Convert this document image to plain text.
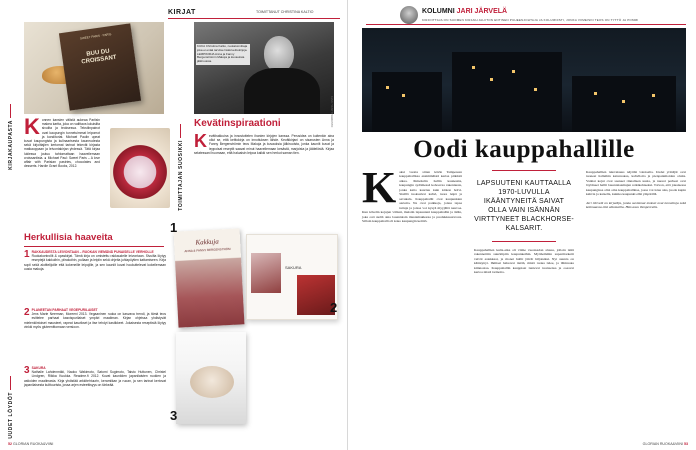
KIRJAT	TOIMITTANUT CHRISTINA KALTIO
KIRJAKAUPASTA	TOIMITTAJAN SUOSIKKI
UUDET LÖYDÖT
SWEET PARIS · PARIS
BUU DU CROISSANT
K onnen kansien välistä aukeaa Pariisin makea kartta, joka on valittava lukuisilta sivuilta ja teoksessa. Tekstiinpainot ovat kaupungin tunnetuimmat leipomot ja konditoriat. Michael Paulin upeat kuvat kaupungista ja kulinaarisesta kauneudesta sekä kirjoittajien kertomat tarinat tekevät kirjasta matkaoppaan ja leivontakirjan yhdessä. Tätä kirjaa lukiessa joutuu tahtomattaan haaveilemaan croissantista. ● Michael Paul: Sweet Paris – A love affair with Parisian pastries, chocolates and desserts. Hardie Grant Books, 2012.

KUKA Christina Kaltio, ruokatoimittaja joka ei enää tarvitse lisää keittokirjoja. LEMPIKIRJA Anna ja Fanny Bergenströmin Makoja ja kuvauksia jälkiruoista.
KUVA: YKSITYISARKISTO
Kevätinspiraationi
K eväthakkuina ja innostuttelen ihanien kirjojen kanssa. Perusidea on kuitenkin aina ollut se, että keittokirja on innoituksen lähde. Kevätkirjani on sisarusten Anna ja Fanny Bergenströmin teos Makoja ja kuvauksia jälkiruoista, jonka kauniit kuvat ja leppoisat reseptit saavat minut haaveilemaan kesästä, marjoista ja jäätelöstä. Kirjaa selatessani huomaan, että haluaisin leipoa kaikki sen herkut saman tien.

Herkullisia haaveita
1 RAKKAUDESTA LEIVONTAAN – RUOKAN VIEMÄNÄ PUNAISELLE VERHOLLE

Ruokakontrollit & opaskirjat. Tämä kirja on omistettu rakkaudelle leivontaan. Sivuilta löytyy reseptejä kakkuihin, piirakoihin, pullaan ja leipiin sekä ohjeita juhlapöytien kattamiseen. Kirja sopii sekä aloittelijoille että kokeneille leipojille, ja sen kauniit kuvat houkuttelevat kokeilemaan uusia makuja.

2 PLANEETAN PARHAAT VEGEPURILAISET

Jens Marie Neerman, Moreeni 2013. Vegaaninen ruoka on kasvava trendi, ja tämä teos esittelee parhaat kasvispurilaiset ympäri maailman. Kirjan ohjeissa yhdistyvät mielenkiintoiset mausteet, rapeat kasvikset ja itse tehdyt kastikkeet. Jokaisesta reseptistä löytyy vinkki myös gluteenittomaan versioon.

3 SAKURA

Nathalie Lahdenmäki, Naoko Wakimoto, Satomi Sugimoto, Taisto Huttunen, Christel Lindgren, Riikka Kuukka. Readme.fi 2012. Kuvat kauniiden japanilaisten ruokien ja astioiden maailmasta. Kirja yhdistää arkkitehtuurin, keramiikan ja ruoan, ja sen tarinat kertovat japanilaisesta kulttuurista, jossa arjen esteettisyys on tärkeää.

Kakkuja
ANNA & FANNY BERGENSTRÖM
SAKURA
1
2
3
52 GLORIAN RUOKA&VIINI
KOLUMNI JARI JÄRVELÄ
KIRJOITTAJA ON SUOMEN KIRJAILIJALIITON ENTINEN PUHEENJOHTAJA JA KOLUMNISTI, JONKA VIIMEISIN TEOS ON TYTTÖ JA POMMI
Oodi kauppahallille
K aksi vuotta sitten kävin Tampereen kauppahallissa ensimmäistä kertaa pitkästä aikaa. Ihmettelin hallin kauneutta, kaupungin sydämessä kohoavaa rakennusta, jonka katto kaartuu kuin kirkon holvi. Sisällä tuoksuivat kahvi, tuore leipä ja savukala. Kauppahallit ovat kaupunkien aarteita. Ne ovat paikkoja, joissa tapaa tuttuja ja joissa voi kysyä myyjältä neuvoa. Kun kävelin kojujen välissä, muistin lapsuuteni kauppahallin ja äidin, joka osti sieltä aina lauantaisin mustamakkaraa ja puolukkasurvosta. Silloin kauppahalli oli koko kaupungin keittiö.

LAPSUUTENI KAUTTAALLA 1970-LUVULLA IKÄÄNTYNEITÄ SAIVAT OLLA VAIN ISÄNNÄN VIRTTYNEET BLACKHORSE-KALSARIT.

Kauppahallien kulta-aika oli viime vuosisadan alussa, jolloin niitä rakennettiin suurimpiin kaupunkeihin. Myöhemmin supermarketit veivät asiakkaat, ja monet hallit jäivät hiljaisiksi. Nyt suunta on kääntynyt. Ihmiset haluavat tietää, mistä ruoka tulee, ja lähiruoka kiinnostaa. Kauppahallin kauppiaat tuntevat tuotteensa ja osaavat kertoa niistä tarinoita.

Kauppahallien tulevaisuus näyttää valoisalta. Uudet yrittäjät ovat tuoneet halleihin katuruokaa, kahviloita ja pienpanimoiden oluita. Vanhat kojut ovat saaneet rinnalleen uusia, ja nuoret perheet ovat löytäneet hallit lauantaiaamujen retkikohteeksi. Toivon, että jokaisessa kaupungissa olisi oma kauppahallinsa, jossa voi istua alas, juoda kupin kahvia ja katsella, kuinka kaupunki elää ympärillä.

Jari Järvelä on kirjailija, jonka uusimmat teokset ovat tunnettuja sekä kotimaassa että ulkomailla. Hän asuu Tampereella.

GLORIAN RUOKA&VIINI 53
